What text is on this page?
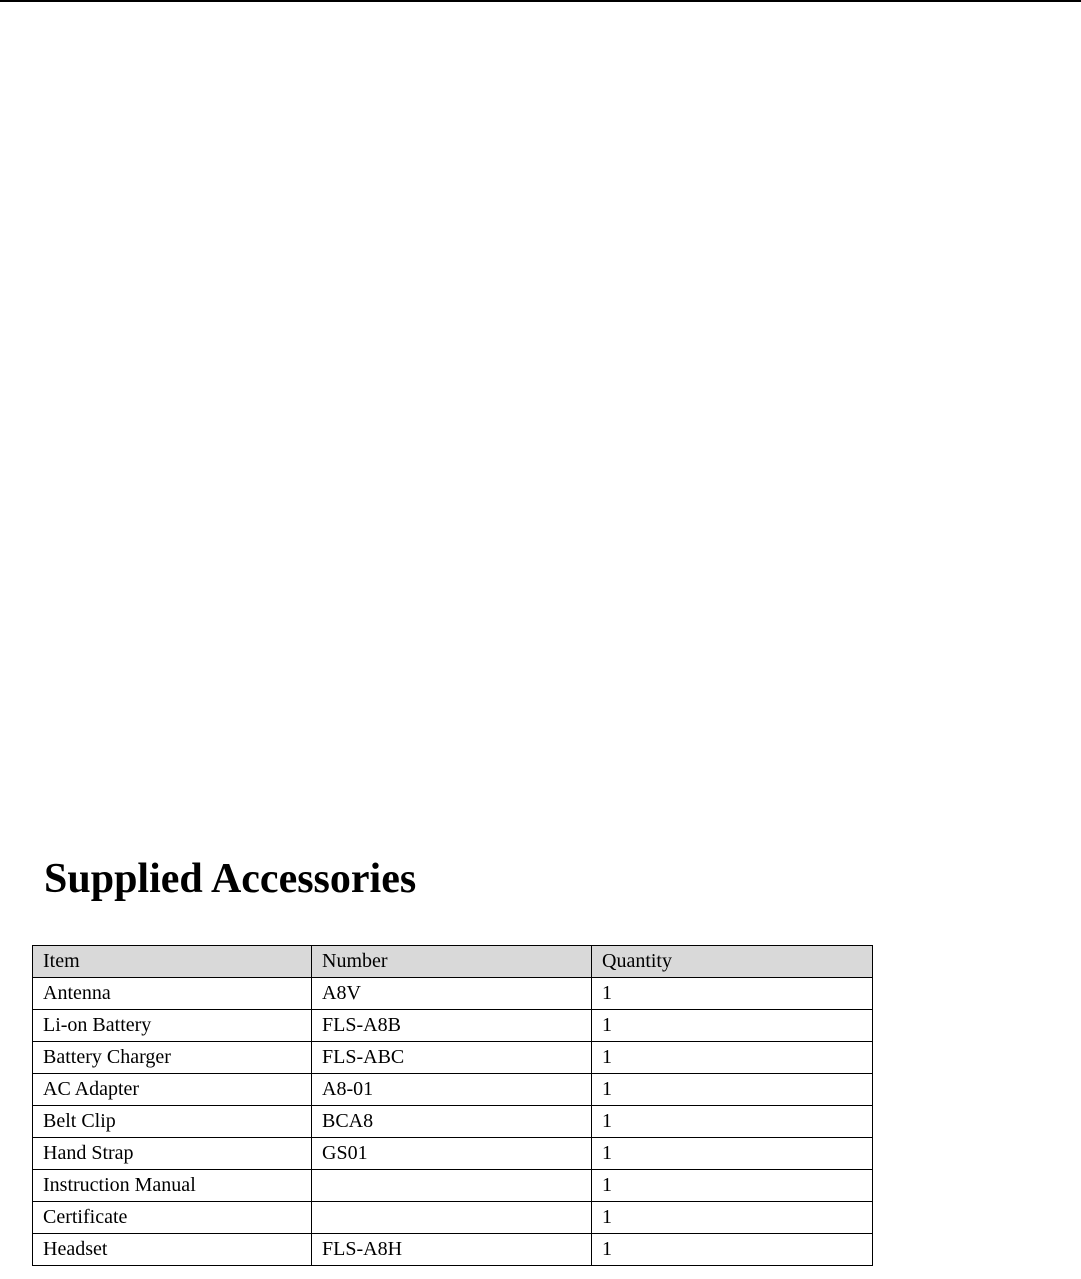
Supplied Accessories
Item	Number	Quantity
Antenna	A8V	1
Li-on Battery	FLS-A8B	1
Battery Charger	FLS-ABC	1
AC Adapter	A8-01	1
Belt Clip	BCA8	1
Hand Strap	GS01	1
Instruction Manual		1
Certificate		1
Headset	FLS-A8H	1
